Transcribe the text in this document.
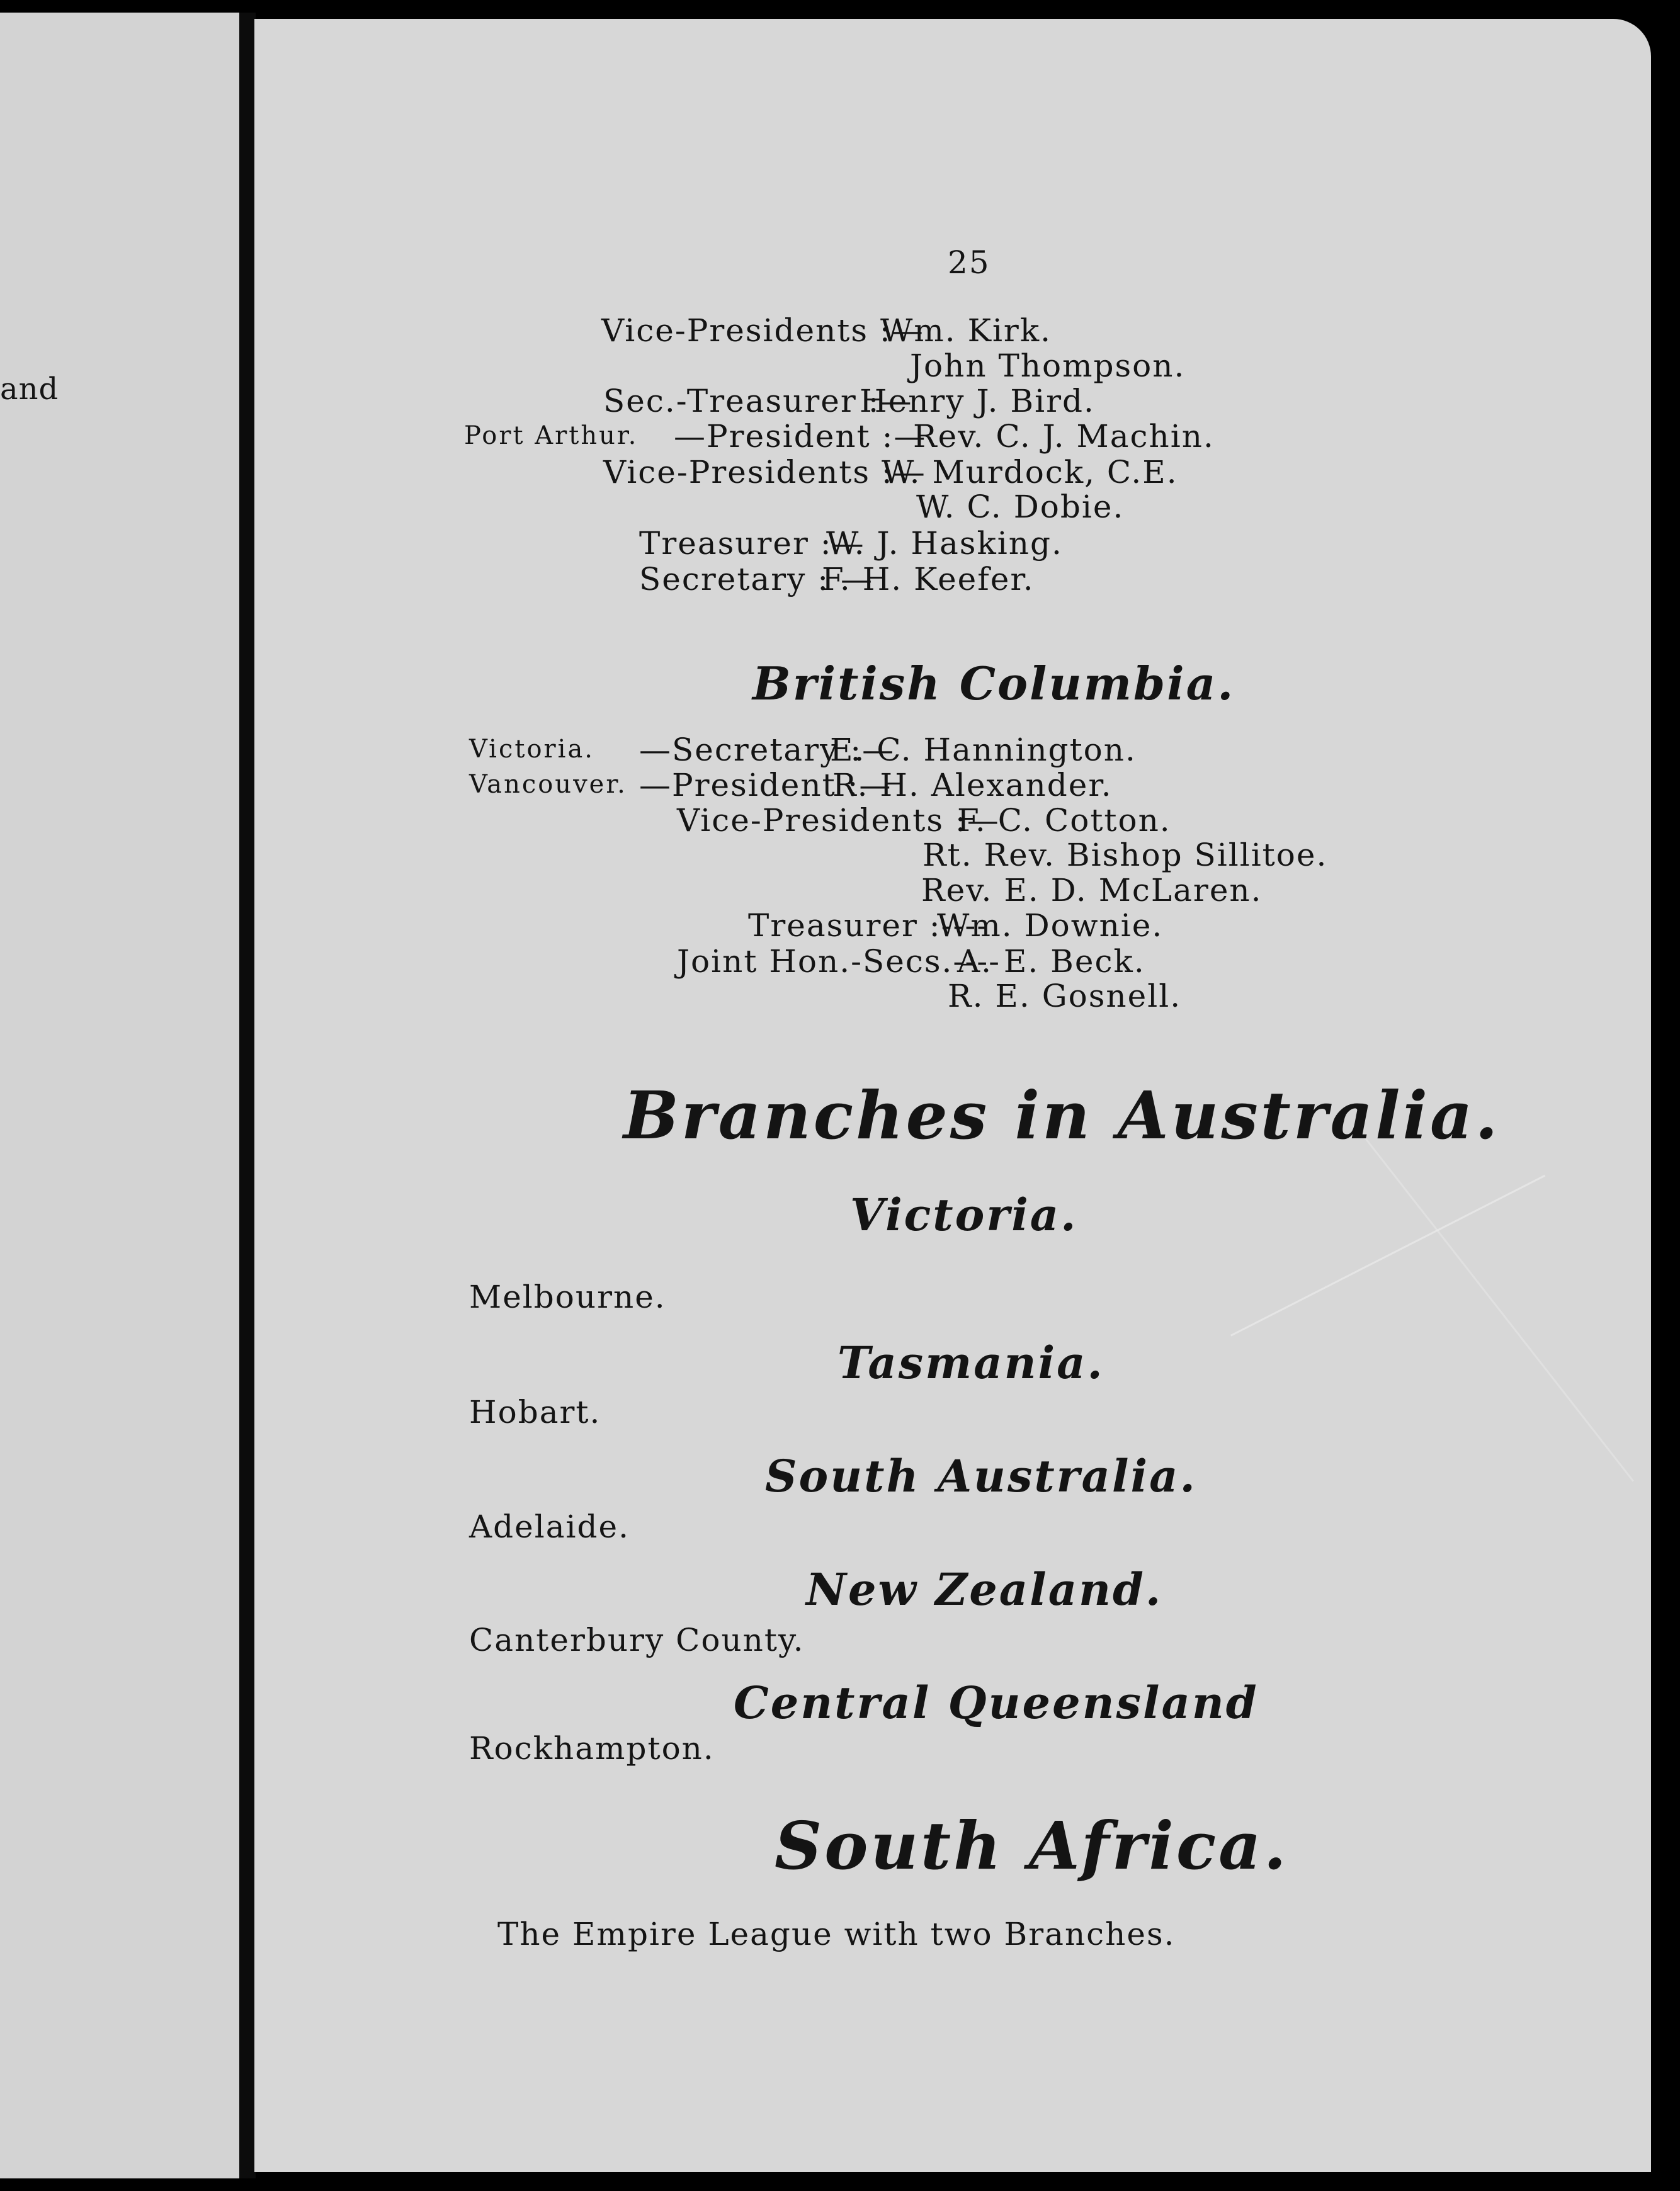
and
25
Vice-Presidents :—
Wm. Kirk.
John Thompson.
Sec.-Treasurer :—
Henry J. Bird.
Port Arthur. —President :—
Rev. C. J. Machin.
Vice-Presidents :—
W. Murdock, C.E.
W. C. Dobie.
Treasurer :—
W. J. Hasking.
Secretary : —
F. H. Keefer.
British Columbia.
Victoria. —Secretary :—
E. C. Hannington.
Vancouver. —President :—
R. H. Alexander.
Vice-Presidents :—
F. C. Cotton.
Rt. Rev. Bishop Sillitoe.
Rev. E. D. McLaren.
Treasurer :----
Wm. Downie.
Joint Hon.-Secs.----
A. E. Beck.
R. E. Gosnell.
Branches in Australia.
Victoria.
Melbourne.
Tasmania.
Hobart.
South Australia.
Adelaide.
New Zealand.
Canterbury County.
Central Queensland
Rockhampton.
South Africa.
The Empire League with two Branches.
